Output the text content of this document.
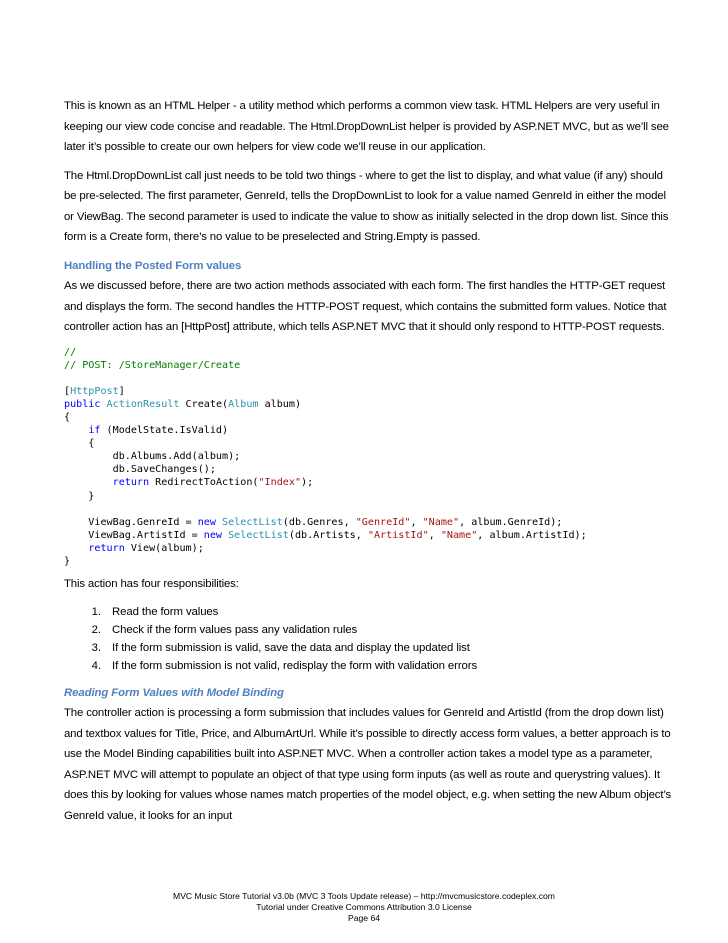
This is known as an HTML Helper - a utility method which performs a common view task. HTML Helpers are very useful in keeping our view code concise and readable. The Html.DropDownList helper is provided by ASP.NET MVC, but as we’ll see later it’s possible to create our own helpers for view code we’ll reuse in our application.

The Html.DropDownList call just needs to be told two things - where to get the list to display, and what value (if any) should be pre-selected. The first parameter, GenreId, tells the DropDownList to look for a value named GenreId in either the model or ViewBag. The second parameter is used to indicate the value to show as initially selected in the drop down list. Since this form is a Create form, there’s no value to be preselected and String.Empty is passed.

Handling the Posted Form values

As we discussed before, there are two action methods associated with each form. The first handles the HTTP-GET request and displays the form. The second handles the HTTP-POST request, which contains the submitted form values. Notice that controller action has an [HttpPost] attribute, which tells ASP.NET MVC that it should only respond to HTTP-POST requests.

//
// POST: /StoreManager/Create
[HttpPost]
public ActionResult Create(Album album)
{
if (ModelState.IsValid)
{
db.Albums.Add(album);
db.SaveChanges();
return RedirectToAction("Index");
}
ViewBag.GenreId = new SelectList(db.Genres, "GenreId", "Name", album.GenreId);
ViewBag.ArtistId = new SelectList(db.Artists, "ArtistId", "Name", album.ArtistId);
return View(album);
}

This action has four responsibilities:

1. Read the form values
2. Check if the form values pass any validation rules
3. If the form submission is valid, save the data and display the updated list
4. If the form submission is not valid, redisplay the form with validation errors
Reading Form Values with Model Binding

The controller action is processing a form submission that includes values for GenreId and ArtistId (from the drop down list) and textbox values for Title, Price, and AlbumArtUrl. While it’s possible to directly access form values, a better approach is to use the Model Binding capabilities built into ASP.NET MVC. When a controller action takes a model type as a parameter, ASP.NET MVC will attempt to populate an object of that type using form inputs (as well as route and querystring values). It does this by looking for values whose names match properties of the model object, e.g. when setting the new Album object’s GenreId value, it looks for an input

MVC Music Store Tutorial v3.0b (MVC 3 Tools Update release) – http://mvcmusicstore.codeplex.com
Tutorial under Creative Commons Attribution 3.0 License
Page 64
